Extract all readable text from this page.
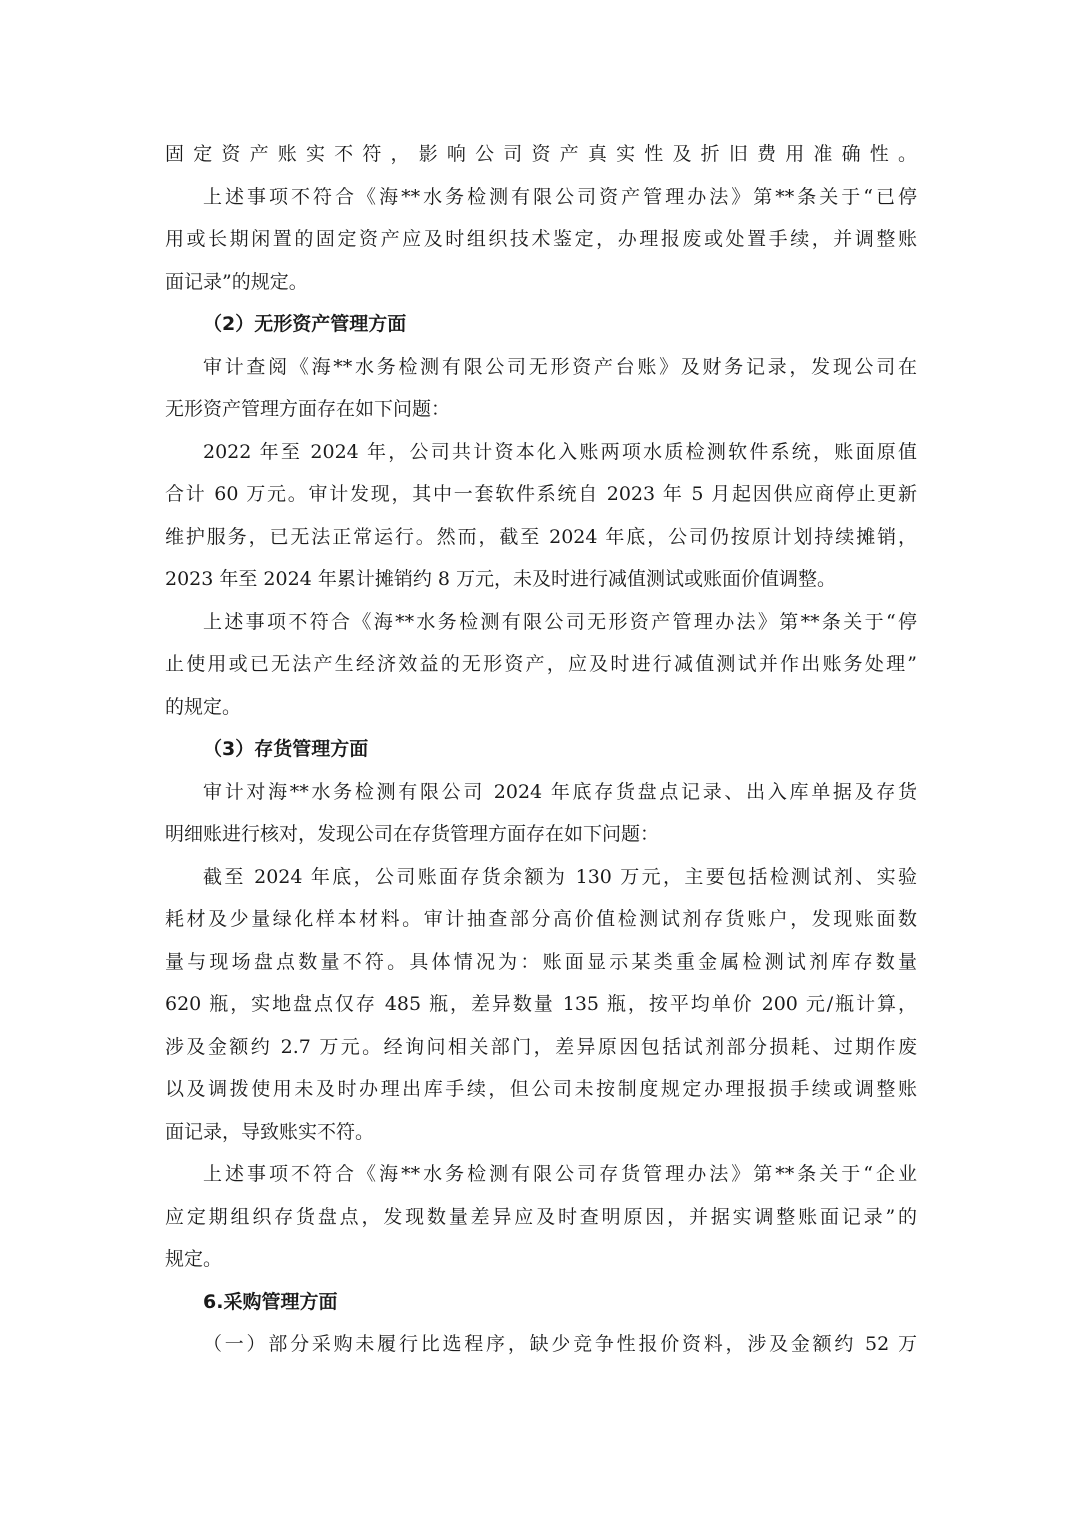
固定资产账实不符，影响公司资产真实性及折旧费用准确性。
上述事项不符合《海**水务检测有限公司资产管理办法》第**条关于“已停
用或长期闲置的固定资产应及时组织技术鉴定，办理报废或处置手续，并调整账
面记录”的规定。
（2）无形资产管理方面
审计查阅《海**水务检测有限公司无形资产台账》及财务记录，发现公司在
无形资产管理方面存在如下问题：
2022 年至 2024 年，公司共计资本化入账两项水质检测软件系统，账面原值
合计 60 万元。审计发现，其中一套软件系统自 2023 年 5 月起因供应商停止更新
维护服务，已无法正常运行。然而，截至 2024 年底，公司仍按原计划持续摊销，
2023 年至 2024 年累计摊销约 8 万元，未及时进行减值测试或账面价值调整。
上述事项不符合《海**水务检测有限公司无形资产管理办法》第**条关于“停
止使用或已无法产生经济效益的无形资产，应及时进行减值测试并作出账务处理”
的规定。
（3）存货管理方面
审计对海**水务检测有限公司 2024 年底存货盘点记录、出入库单据及存货
明细账进行核对，发现公司在存货管理方面存在如下问题：
截至 2024 年底，公司账面存货余额为 130 万元，主要包括检测试剂、实验
耗材及少量绿化样本材料。审计抽查部分高价值检测试剂存货账户，发现账面数
量与现场盘点数量不符。具体情况为：账面显示某类重金属检测试剂库存数量
620 瓶，实地盘点仅存 485 瓶，差异数量 135 瓶，按平均单价 200 元/瓶计算，
涉及金额约 2.7 万元。经询问相关部门，差异原因包括试剂部分损耗、过期作废
以及调拨使用未及时办理出库手续，但公司未按制度规定办理报损手续或调整账
面记录，导致账实不符。
上述事项不符合《海**水务检测有限公司存货管理办法》第**条关于“企业
应定期组织存货盘点，发现数量差异应及时查明原因，并据实调整账面记录”的
规定。
6.采购管理方面
（一）部分采购未履行比选程序，缺少竞争性报价资料，涉及金额约 52 万
